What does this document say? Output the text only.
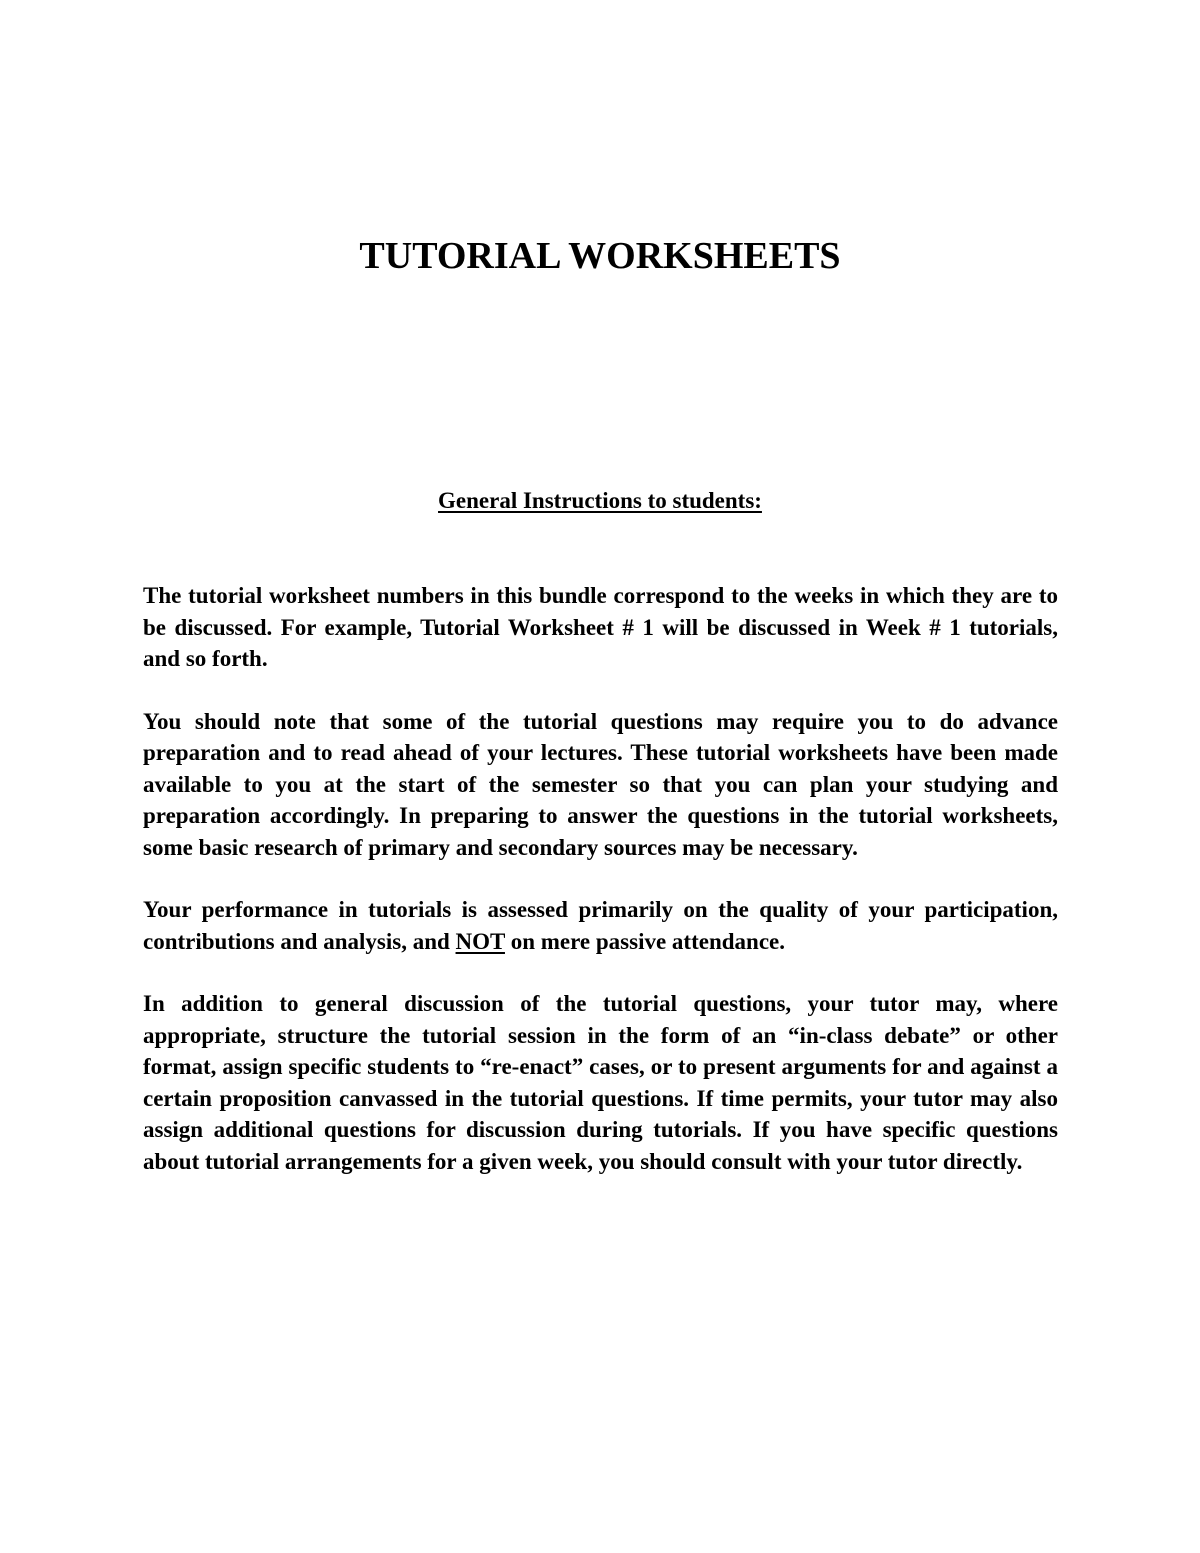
TUTORIAL WORKSHEETS
General Instructions to students:

The tutorial worksheet numbers in this bundle correspond to the weeks in which they are to be discussed. For example, Tutorial Worksheet # 1 will be discussed in Week # 1 tutorials, and so forth.

You should note that some of the tutorial questions may require you to do advance preparation and to read ahead of your lectures. These tutorial worksheets have been made available to you at the start of the semester so that you can plan your studying and preparation accordingly. In preparing to answer the questions in the tutorial worksheets, some basic research of primary and secondary sources may be necessary.

Your performance in tutorials is assessed primarily on the quality of your participation, contributions and analysis, and NOT on mere passive attendance.

In addition to general discussion of the tutorial questions, your tutor may, where appropriate, structure the tutorial session in the form of an “in-class debate” or other format, assign specific students to “re-enact” cases, or to present arguments for and against a certain proposition canvassed in the tutorial questions. If time permits, your tutor may also assign additional questions for discussion during tutorials. If you have specific questions about tutorial arrangements for a given week, you should consult with your tutor directly.
